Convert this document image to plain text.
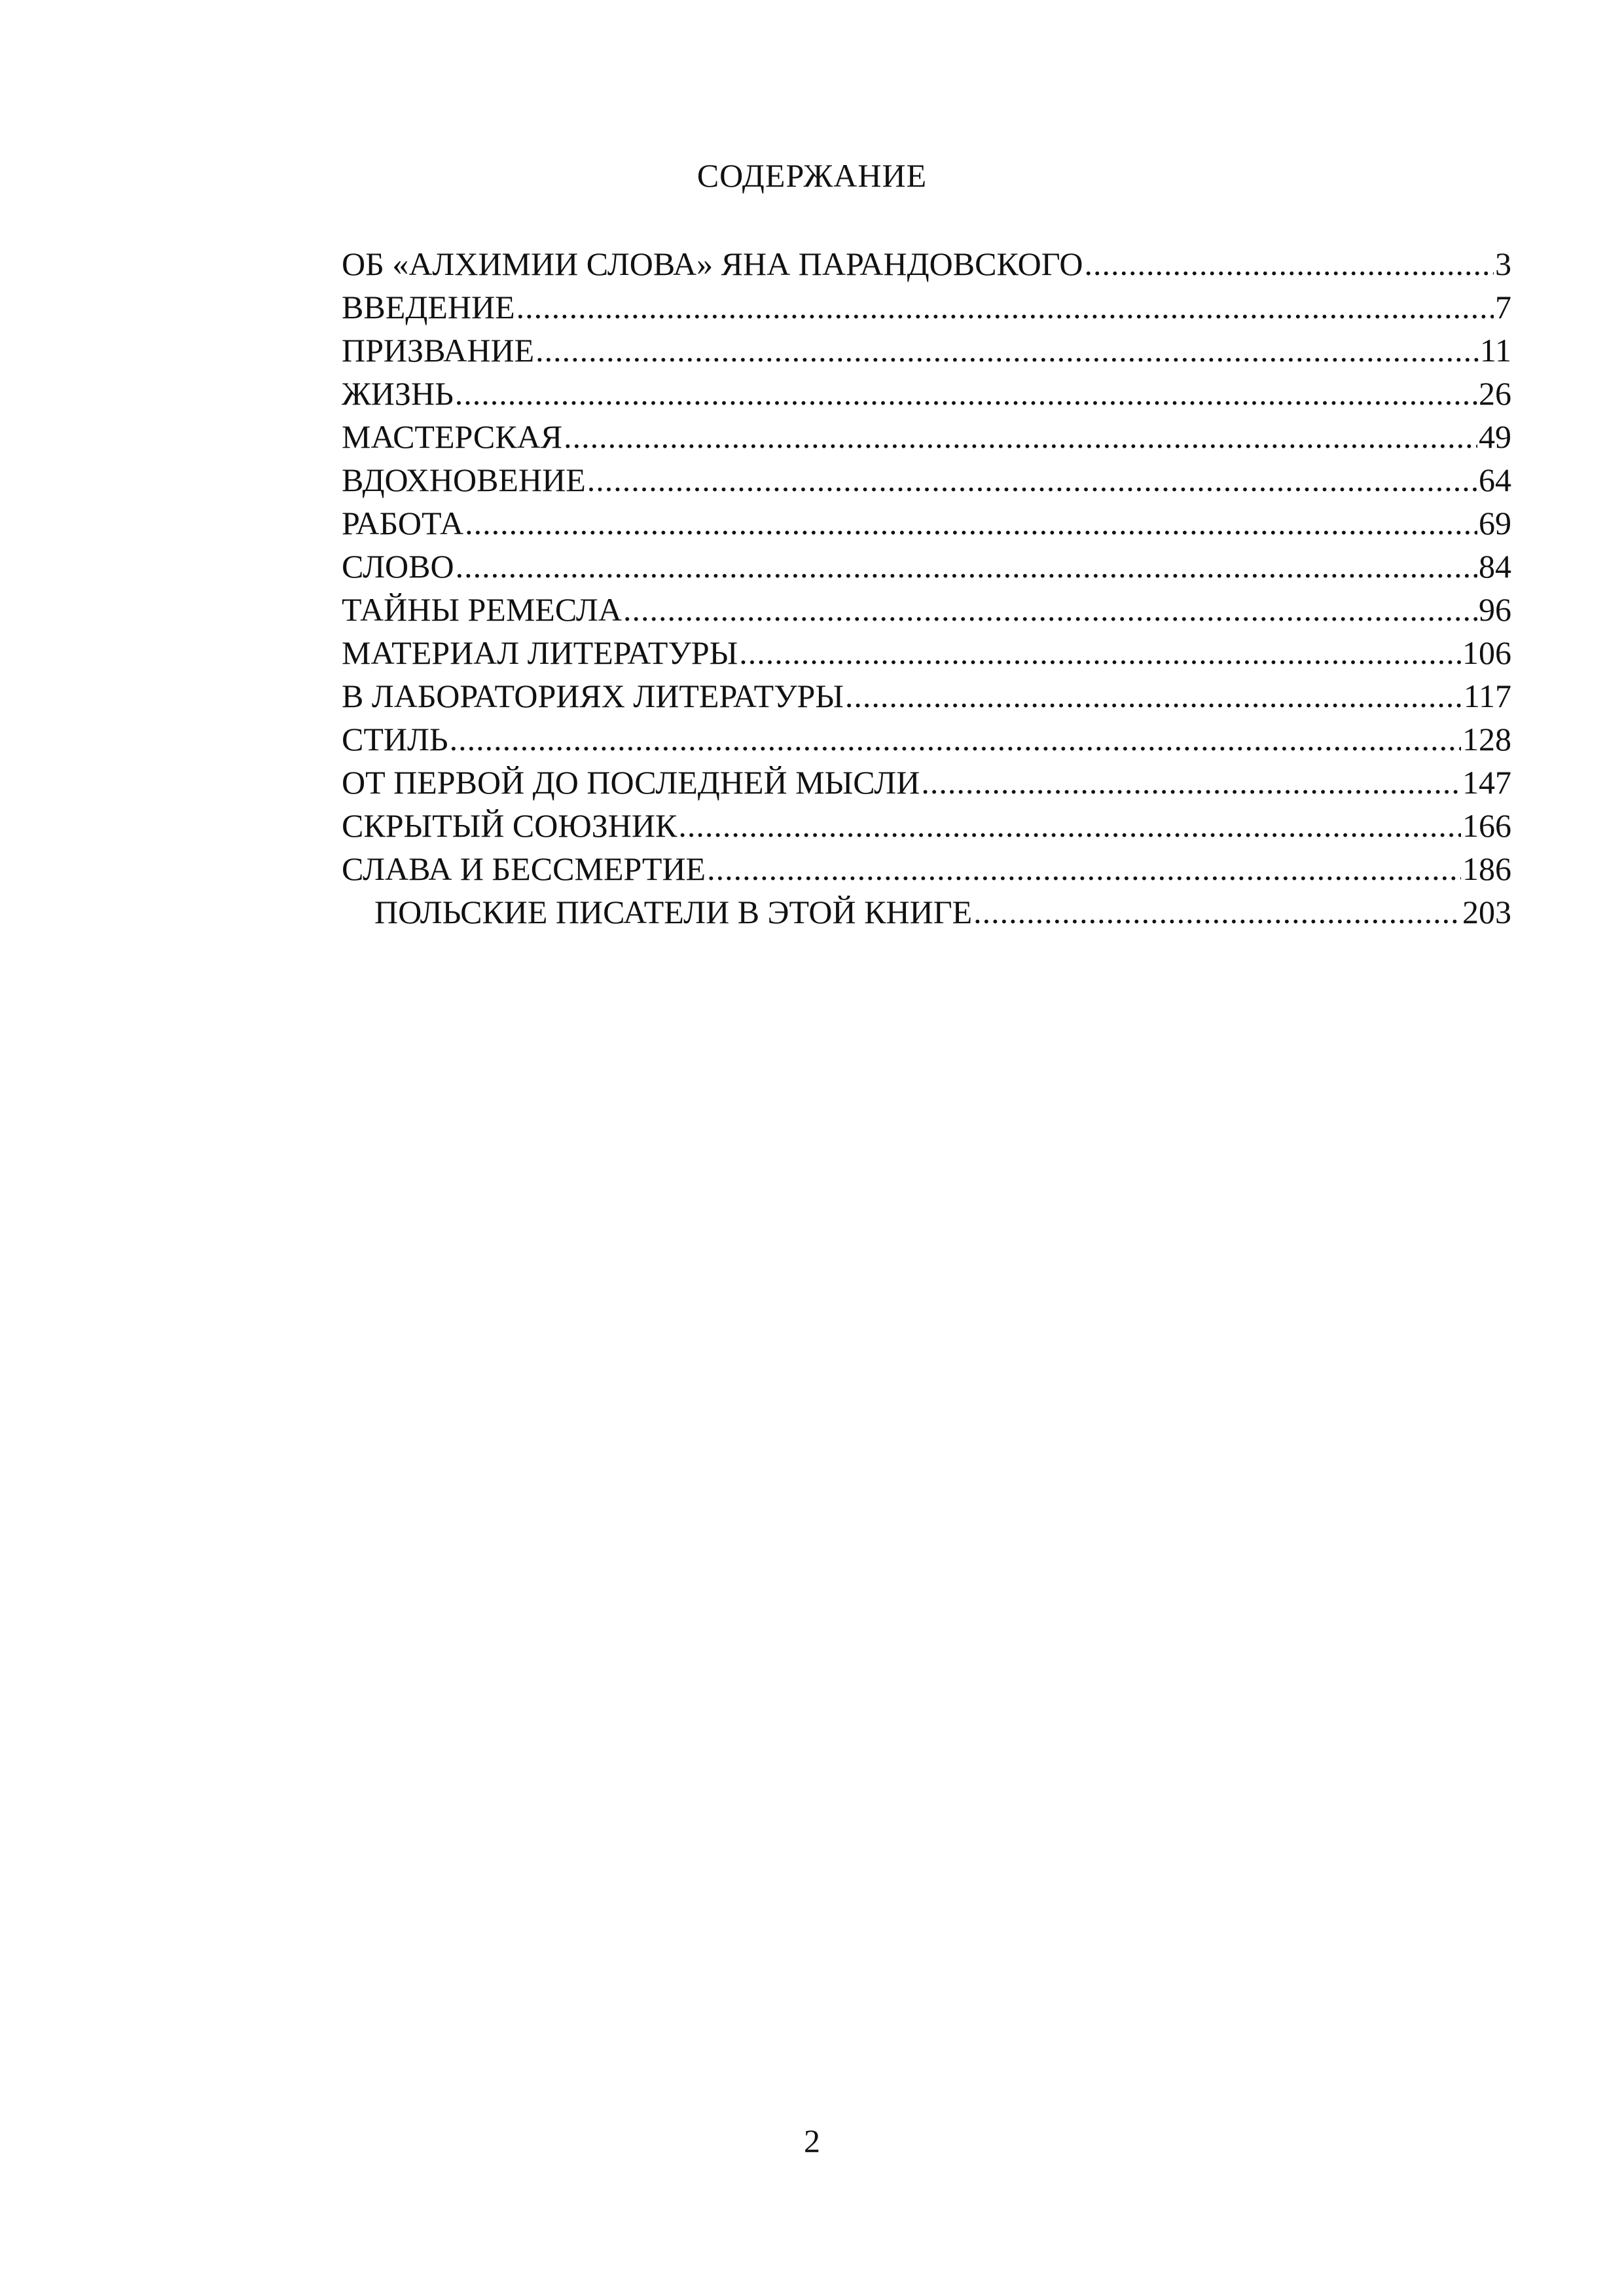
СОДЕРЖАНИЕ
ОБ «АЛХИМИИ СЛОВА» ЯНА ПАРАНДОВСКОГО .....	3
ВВЕДЕНИЕ .....	7
ПРИЗВАНИЕ .....	11
ЖИЗНЬ .....	26
МАСТЕРСКАЯ .....	49
ВДОХНОВЕНИЕ .....	64
РАБОТА .....	69
СЛОВО .....	84
ТАЙНЫ РЕМЕСЛА .....	96
МАТЕРИАЛ ЛИТЕРАТУРЫ .....	106
В ЛАБОРАТОРИЯХ ЛИТЕРАТУРЫ .....	117
СТИЛЬ .....	128
ОТ ПЕРВОЙ ДО ПОСЛЕДНЕЙ МЫСЛИ .....	147
СКРЫТЫЙ СОЮЗНИК .....	166
СЛАВА И БЕССМЕРТИЕ .....	186
ПОЛЬСКИЕ ПИСАТЕЛИ В ЭТОЙ КНИГЕ .....	203
2
